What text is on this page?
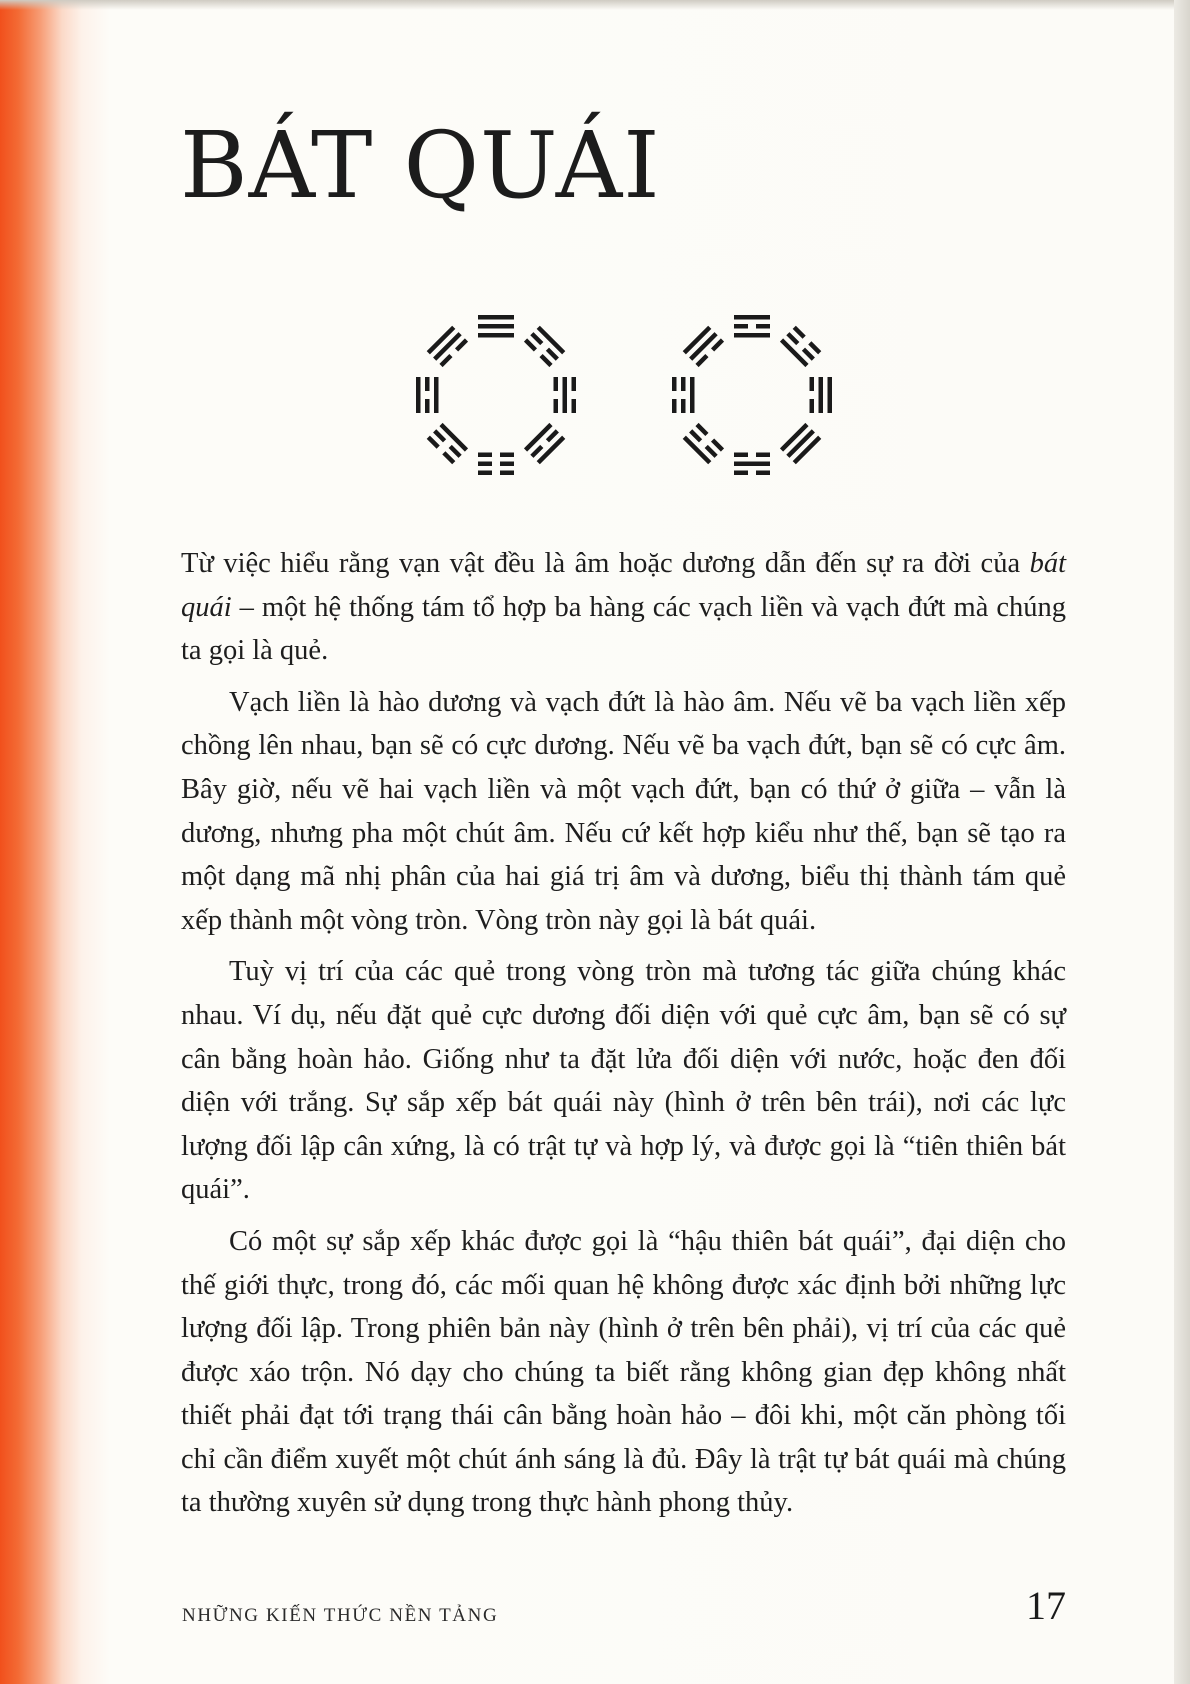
BÁT QUÁI

Từ việc hiểu rằng vạn vật đều là âm hoặc dương dẫn đến sự ra đời của bát quái – một hệ thống tám tổ hợp ba hàng các vạch liền và vạch đứt mà chúng ta gọi là quẻ.

Vạch liền là hào dương và vạch đứt là hào âm. Nếu vẽ ba vạch liền xếp chồng lên nhau, bạn sẽ có cực dương. Nếu vẽ ba vạch đứt, bạn sẽ có cực âm. Bây giờ, nếu vẽ hai vạch liền và một vạch đứt, bạn có thứ ở giữa – vẫn là dương, nhưng pha một chút âm. Nếu cứ kết hợp kiểu như thế, bạn sẽ tạo ra một dạng mã nhị phân của hai giá trị âm và dương, biểu thị thành tám quẻ xếp thành một vòng tròn. Vòng tròn này gọi là bát quái.

Tuỳ vị trí của các quẻ trong vòng tròn mà tương tác giữa chúng khác nhau. Ví dụ, nếu đặt quẻ cực dương đối diện với quẻ cực âm, bạn sẽ có sự cân bằng hoàn hảo. Giống như ta đặt lửa đối diện với nước, hoặc đen đối diện với trắng. Sự sắp xếp bát quái này (hình ở trên bên trái), nơi các lực lượng đối lập cân xứng, là có trật tự và hợp lý, và được gọi là “tiên thiên bát quái”.

Có một sự sắp xếp khác được gọi là “hậu thiên bát quái”, đại diện cho thế giới thực, trong đó, các mối quan hệ không được xác định bởi những lực lượng đối lập. Trong phiên bản này (hình ở trên bên phải), vị trí của các quẻ được xáo trộn. Nó dạy cho chúng ta biết rằng không gian đẹp không nhất thiết phải đạt tới trạng thái cân bằng hoàn hảo – đôi khi, một căn phòng tối chỉ cần điểm xuyết một chút ánh sáng là đủ. Đây là trật tự bát quái mà chúng ta thường xuyên sử dụng trong thực hành phong thủy.

NHỮNG KIẾN THỨC NỀN TẢNG	17
